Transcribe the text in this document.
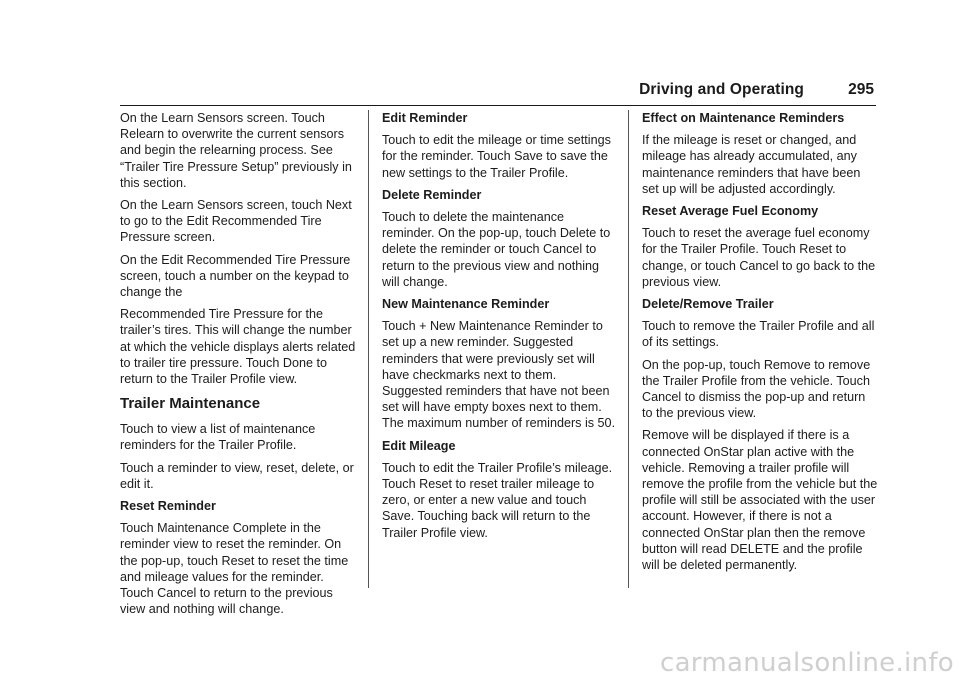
Driving and Operating	295

On the Learn Sensors screen. Touch Relearn to overwrite the current sensors and begin the relearning process. See “Trailer Tire Pressure Setup” previously in this section.

On the Learn Sensors screen, touch Next to go to the Edit Recommended Tire Pressure screen.

On the Edit Recommended Tire Pressure screen, touch a number on the keypad to change the

Recommended Tire Pressure for the trailer’s tires. This will change the number at which the vehicle displays alerts related to trailer tire pressure. Touch Done to return to the Trailer Profile view.

Trailer Maintenance

Touch to view a list of maintenance reminders for the Trailer Profile.

Touch a reminder to view, reset, delete, or edit it.

Reset Reminder

Touch Maintenance Complete in the reminder view to reset the reminder. On the pop-up, touch Reset to reset the time and mileage values for the reminder. Touch Cancel to return to the previous view and nothing will change.

Edit Reminder

Touch to edit the mileage or time settings for the reminder. Touch Save to save the new settings to the Trailer Profile.

Delete Reminder

Touch to delete the maintenance reminder. On the pop-up, touch Delete to delete the reminder or touch Cancel to return to the previous view and nothing will change.

New Maintenance Reminder

Touch + New Maintenance Reminder to set up a new reminder. Suggested reminders that were previously set will have checkmarks next to them. Suggested reminders that have not been set will have empty boxes next to them. The maximum number of reminders is 50.

Edit Mileage

Touch to edit the Trailer Profile’s mileage. Touch Reset to reset trailer mileage to zero, or enter a new value and touch Save. Touching back will return to the Trailer Profile view.

Effect on Maintenance Reminders

If the mileage is reset or changed, and mileage has already accumulated, any maintenance reminders that have been set up will be adjusted accordingly.

Reset Average Fuel Economy

Touch to reset the average fuel economy for the Trailer Profile. Touch Reset to change, or touch Cancel to go back to the previous view.

Delete/Remove Trailer

Touch to remove the Trailer Profile and all of its settings.

On the pop-up, touch Remove to remove the Trailer Profile from the vehicle. Touch Cancel to dismiss the pop-up and return to the previous view.

Remove will be displayed if there is a connected OnStar plan active with the vehicle. Removing a trailer profile will remove the profile from the vehicle but the profile will still be associated with the user account. However, if there is not a connected OnStar plan then the remove button will read DELETE and the profile will be deleted permanently.

carmanualsonline.info
